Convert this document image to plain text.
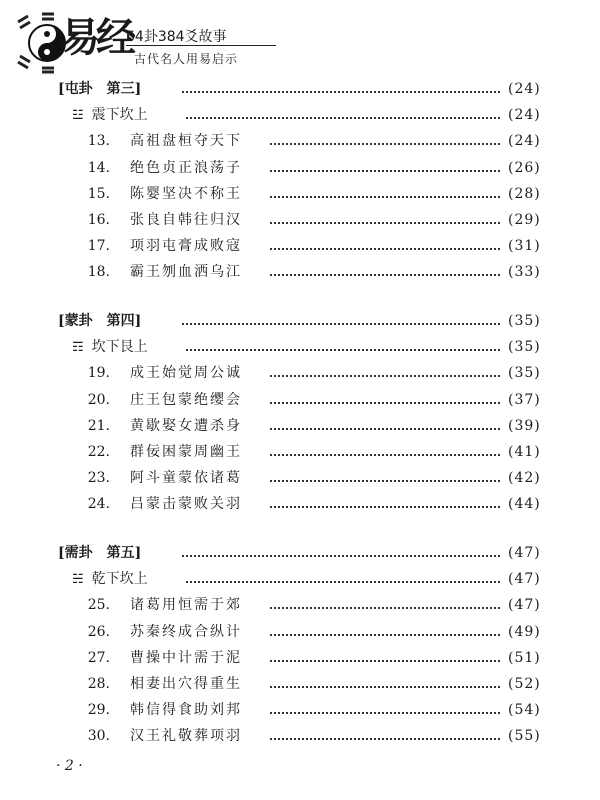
易经
64卦384爻故事
古代名人用易启示
[屯卦　第三]	(24)
☳ 震下坎上	(24)
13. 高祖盘桓夺天下	(24)
14. 绝色贞正浪荡子	(26)
15. 陈婴坚决不称王	(28)
16. 张良自韩往归汉	(29)
17. 项羽屯膏成败寇	(31)
18. 霸王刎血洒乌江	(33)
[蒙卦　第四]	(35)
☶ 坎下艮上	(35)
19. 成王始觉周公诚	(35)
20. 庄王包蒙绝缨会	(37)
21. 黄歇娶女遭杀身	(39)
22. 群佞困蒙周幽王	(41)
23. 阿斗童蒙依诸葛	(42)
24. 吕蒙击蒙败关羽	(44)
[需卦　第五]	(47)
☵ 乾下坎上	(47)
25. 诸葛用恒需于郊	(47)
26. 苏秦终成合纵计	(49)
27. 曹操中计需于泥	(51)
28. 相妻出穴得重生	(52)
29. 韩信得食助刘邦	(54)
30. 汉王礼敬葬项羽	(55)
· 2 ·
